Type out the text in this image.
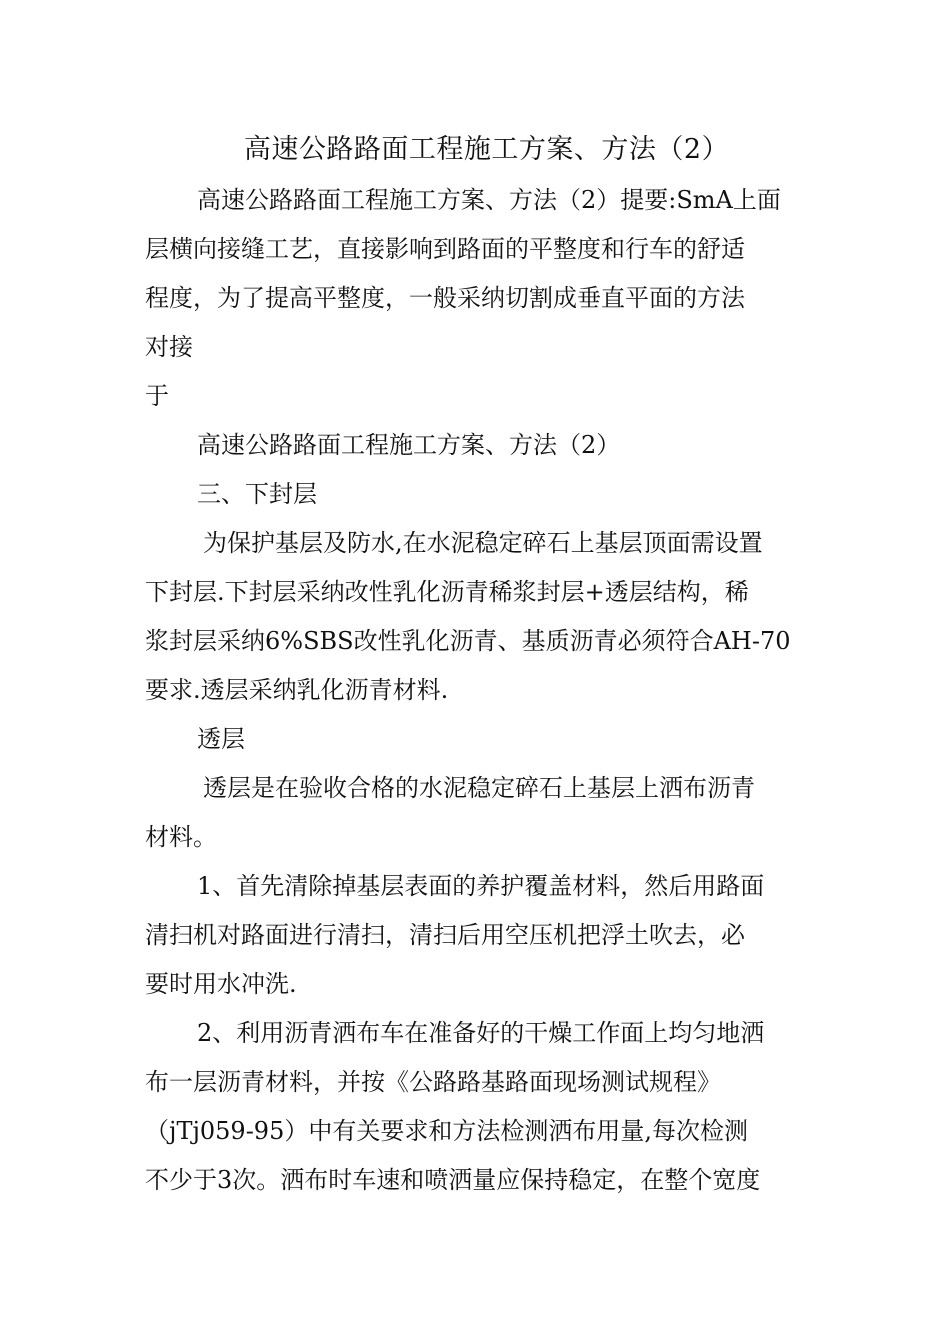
高速公路路面工程施工方案、方法（2）
高速公路路面工程施工方案、方法（2）提要:SmA上面
层横向接缝工艺，直接影响到路面的平整度和行车的舒适
程度，为了提高平整度，一般采纳切割成垂直平面的方法
对接

于

高速公路路面工程施工方案、方法（2）

三、下封层

为保护基层及防水,在水泥稳定碎石上基层顶面需设置
下封层.下封层采纳改性乳化沥青稀浆封层+透层结构，稀
浆封层采纳6%SBS改性乳化沥青、基质沥青必须符合AH-70
要求.透层采纳乳化沥青材料.

透层

透层是在验收合格的水泥稳定碎石上基层上洒布沥青
材料。
1、首先清除掉基层表面的养护覆盖材料，然后用路面
清扫机对路面进行清扫，清扫后用空压机把浮土吹去，必
要时用水冲洗.
2、利用沥青洒布车在准备好的干燥工作面上均匀地洒
布一层沥青材料，并按《公路路基路面现场测试规程》
（jTj059-95）中有关要求和方法检测洒布用量,每次检测
不少于3次。洒布时车速和喷洒量应保持稳定，在整个宽度
